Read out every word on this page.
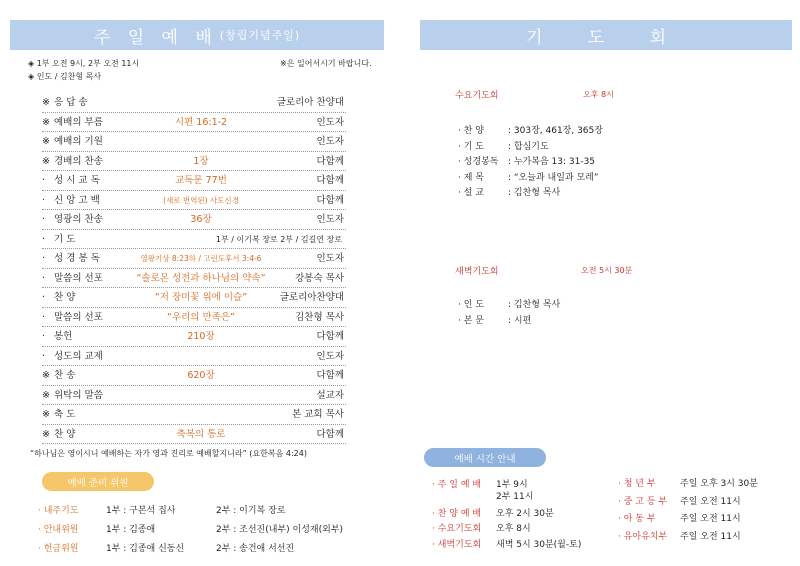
주 일 예 배 (창립기념주일)
◈ 1부 오전 9시, 2부 오전 11시	※은 일어서시기 바랍니다.
◈ 인도 / 김찬형 목사
※ 응 답 송	글로리아 찬양대
※ 예배의 부름	시편 16:1-2	인도자
※ 예배의 기원	인도자
※ 경배의 찬송	1장	다함께
· 성 시 교 독	교독문 77번	다함께
· 신 앙 고 백	(새로 번역된) 사도신경	다함께
· 영광의 찬송	36장	인도자
· 기 도	1부 / 이기복 장로 2부 / 김길연 장로
· 성 경 봉 독	열왕기상 8:23하 / 고린도후서 3:4-6	인도자
· 말씀의 선포	“솔로몬 성전과 하나님의 약속”	강봉숙 목사
· 찬 양	“저 장미꽃 위에 이슬”	글로리아찬양대
· 말씀의 선포	“우리의 만족은”	김찬형 목사
· 봉헌	210장	다함께
· 성도의 교제	인도자
※ 찬 송	620장	다함께
※ 위탁의 말씀	설교자
※ 축 도	본 교회 목사
※ 찬 양	축복의 통로	다함께
“하나님은 영이시니 예배하는 자가 영과 진리로 예배할지니라” (요한복음 4:24)
예배 준비 위원
· 내주기도	1부 : 구본석 집사	2부 : 이기복 장로
· 안내위원	1부 : 김종애	2부 : 조선진(내부) 이성재(외부)
· 헌금위원	1부 : 김종애 신동신	2부 : 송건애 서선진
기 도 회
수요기도회	오후 8시
· 찬 양	: 303장, 461장, 365장
· 기 도	: 합심기도
· 성경봉독 : 누가복음 13: 31-35
· 제 목	: “오늘과 내일과 모레”
· 설 교	: 김찬형 목사
새벽기도회	오전 5시 30분
· 인 도	: 김찬형 목사
· 본 문	: 시편
예배 시간 안내
· 주 일 예 배 1부 9시
2부 11시
· 찬 양 예 배 오후 2시 30분
· 수요기도회 오후 8시
· 새벽기도회 새벽 5시 30분(월-토)
· 청 년 부	주일 오후 3시 30분
· 중 고 등 부 주일 오전 11시
· 아 동 부	주일 오전 11시
· 유아유치부 주일 오전 11시
